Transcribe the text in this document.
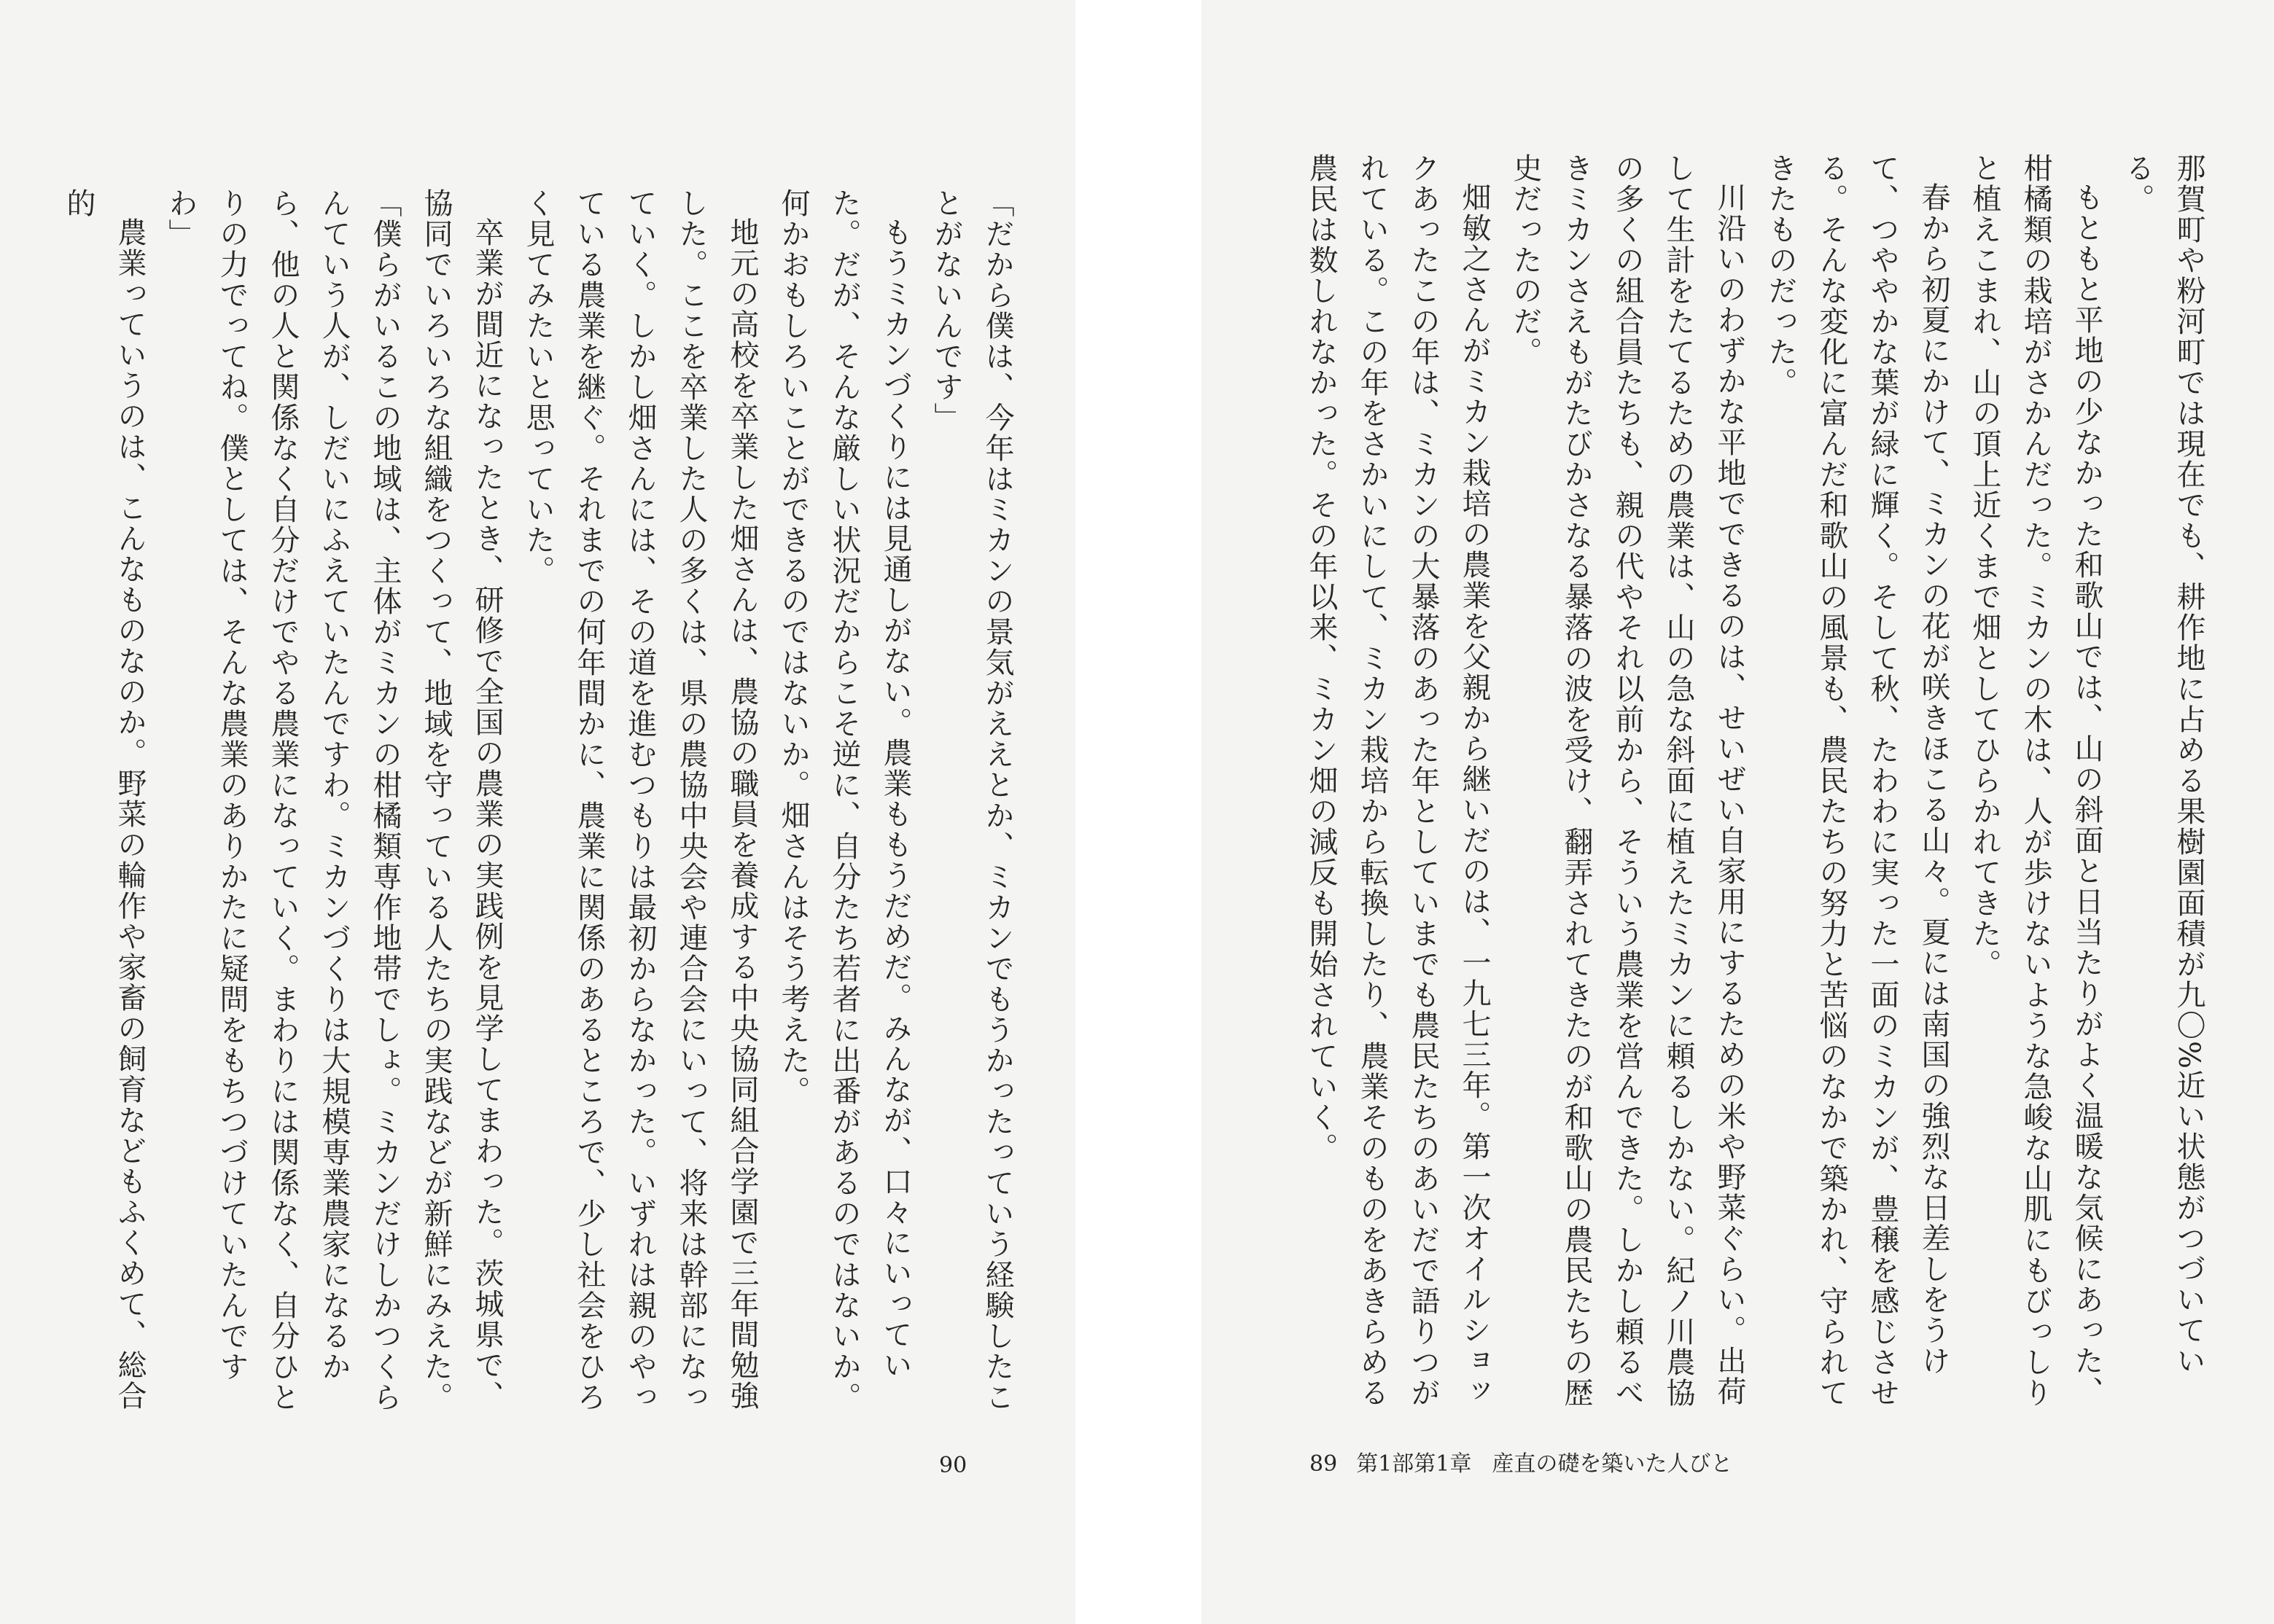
「だから僕は、今年はミカンの景気がええとか、ミカンでもうかったっていう経験したことがないんです」

もうミカンづくりには見通しがない。農業ももうだめだ。みんなが、口々にいっていた。だが、そんな厳しい状況だからこそ逆に、自分たち若者に出番があるのではないか。何かおもしろいことができるのではないか。畑さんはそう考えた。

地元の高校を卒業した畑さんは、農協の職員を養成する中央協同組合学園で三年間勉強した。ここを卒業した人の多くは、県の農協中央会や連合会にいって、将来は幹部になっていく。しかし畑さんには、その道を進むつもりは最初からなかった。いずれは親のやっている農業を継ぐ。それまでの何年間かに、農業に関係のあるところで、少し社会をひろく見てみたいと思っていた。

卒業が間近になったとき、研修で全国の農業の実践例を見学してまわった。茨城県で、協同でいろいろな組織をつくって、地域を守っている人たちの実践などが新鮮にみえた。

「僕らがいるこの地域は、主体がミカンの柑橘類専作地帯でしょ。ミカンだけしかつくらんていう人が、しだいにふえていたんですわ。ミカンづくりは大規模専業農家になるから、他の人と関係なく自分だけでやる農業になっていく。まわりには関係なく、自分ひとりの力でってね。僕としては、そんな農業のありかたに疑問をもちつづけていたんですわ」

農業っていうのは、こんなものなのか。野菜の輪作や家畜の飼育などもふくめて、総合的

90

那賀町や粉河町では現在でも、耕作地に占める果樹園面積が九〇%近い状態がつづいている。

もともと平地の少なかった和歌山では、山の斜面と日当たりがよく温暖な気候にあった、柑橘類の栽培がさかんだった。ミカンの木は、人が歩けないような急峻な山肌にもびっしりと植えこまれ、山の頂上近くまで畑としてひらかれてきた。

春から初夏にかけて、ミカンの花が咲きほこる山々。夏には南国の強烈な日差しをうけて、つややかな葉が緑に輝く。そして秋、たわわに実った一面のミカンが、豊穣を感じさせる。そんな変化に富んだ和歌山の風景も、農民たちの努力と苦悩のなかで築かれ、守られてきたものだった。

川沿いのわずかな平地でできるのは、せいぜい自家用にするための米や野菜ぐらい。出荷して生計をたてるための農業は、山の急な斜面に植えたミカンに頼るしかない。紀ノ川農協の多くの組合員たちも、親の代やそれ以前から、そういう農業を営んできた。しかし頼るべきミカンさえもがたびかさなる暴落の波を受け、翻弄されてきたのが和歌山の農民たちの歴史だったのだ。

畑敏之さんがミカン栽培の農業を父親から継いだのは、一九七三年。第一次オイルショックあったこの年は、ミカンの大暴落のあった年としていまでも農民たちのあいだで語りつがれている。この年をさかいにして、ミカン栽培から転換したり、農業そのものをあきらめる農民は数しれなかった。その年以来、ミカン畑の減反も開始されていく。

89 第1部第1章 産直の礎を築いた人びと
